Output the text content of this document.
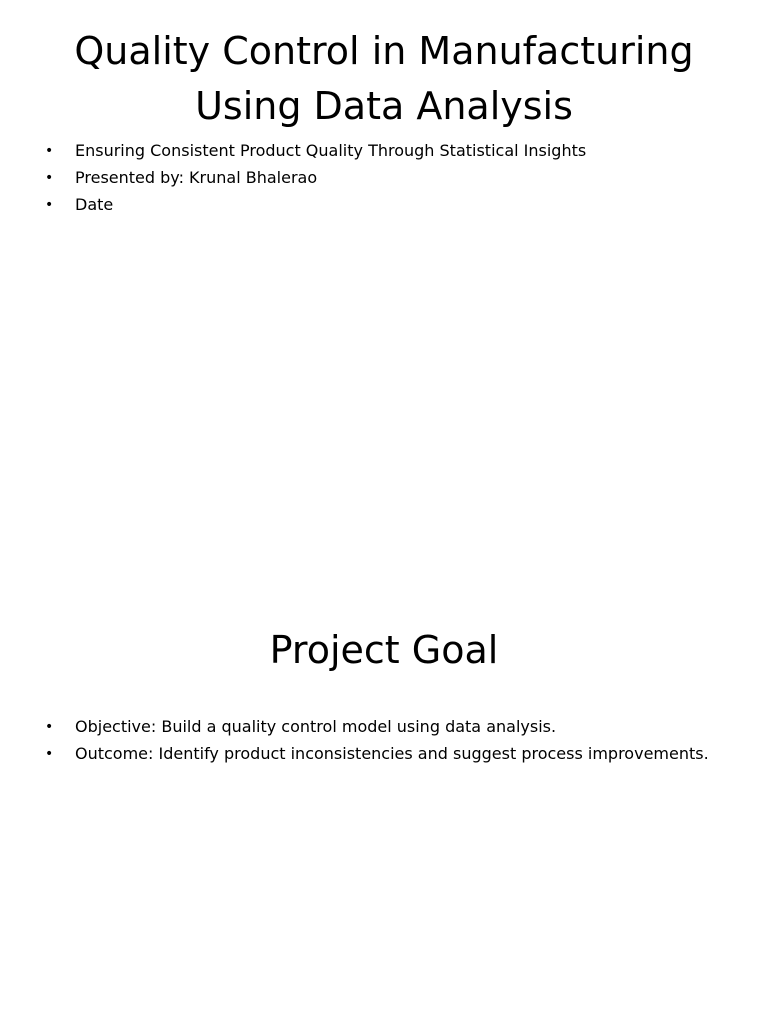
Quality Control in Manufacturing
Using Data Analysis
• Ensuring Consistent Product Quality Through Statistical Insights
• Presented by: Krunal Bhalerao
• Date
Project Goal
• Objective: Build a quality control model using data analysis.
• Outcome: Identify product inconsistencies and suggest process improvements.
